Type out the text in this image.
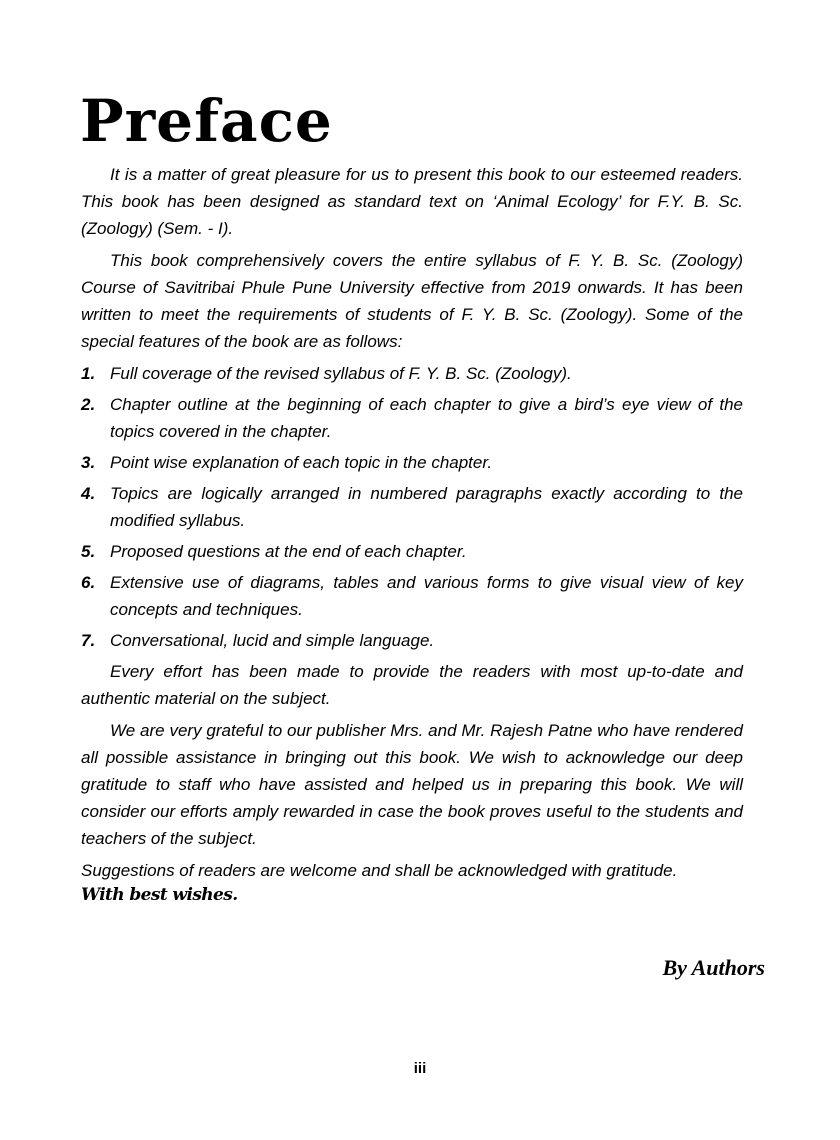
Preface

It is a matter of great pleasure for us to present this book to our esteemed readers. This book has been designed as standard text on ‘Animal Ecology’ for F.Y. B. Sc. (Zoology) (Sem. - I).

This book comprehensively covers the entire syllabus of F. Y. B. Sc. (Zoology) Course of Savitribai Phule Pune University effective from 2019 onwards. It has been written to meet the requirements of students of F. Y. B. Sc. (Zoology). Some of the special features of the book are as follows:

1. Full coverage of the revised syllabus of F. Y. B. Sc. (Zoology).
2. Chapter outline at the beginning of each chapter to give a bird’s eye view of the topics covered in the chapter.
3. Point wise explanation of each topic in the chapter.
4. Topics are logically arranged in numbered paragraphs exactly according to the modified syllabus.
5. Proposed questions at the end of each chapter.
6. Extensive use of diagrams, tables and various forms to give visual view of key concepts and techniques.
7. Conversational, lucid and simple language.

Every effort has been made to provide the readers with most up-to-date and authentic material on the subject.

We are very grateful to our publisher Mrs. and Mr. Rajesh Patne who have rendered all possible assistance in bringing out this book. We wish to acknowledge our deep gratitude to staff who have assisted and helped us in preparing this book. We will consider our efforts amply rewarded in case the book proves useful to the students and teachers of the subject.

Suggestions of readers are welcome and shall be acknowledged with gratitude.

With best wishes.

By Authors

iii
